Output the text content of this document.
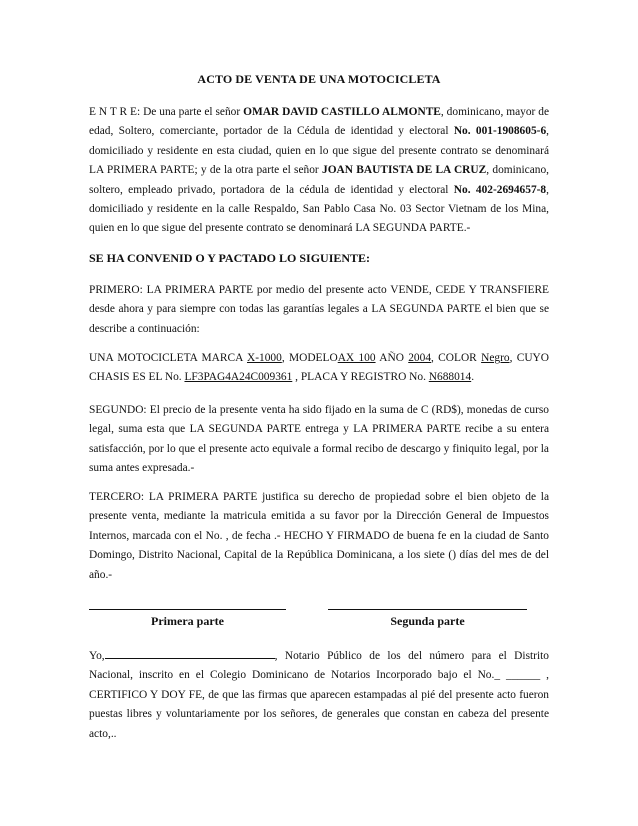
ACTO DE VENTA DE UNA MOTOCICLETA
E N T R E: De una parte el señor OMAR DAVID CASTILLO ALMONTE, dominicano, mayor de edad, Soltero, comerciante, portador de la Cédula de identidad y electoral No. 001-1908605-6, domiciliado y residente en esta ciudad, quien en lo que sigue del presente contrato se denominará LA PRIMERA PARTE; y de la otra parte el señor JOAN BAUTISTA DE LA CRUZ, dominicano, soltero, empleado privado, portadora de la cédula de identidad y electoral No. 402-2694657-8, domiciliado y residente en la calle Respaldo, San Pablo Casa No. 03 Sector Vietnam de los Mina, quien en lo que sigue del presente contrato se denominará LA SEGUNDA PARTE.-
SE HA CONVENID O Y PACTADO LO SIGUIENTE:
PRIMERO: LA PRIMERA PARTE por medio del presente acto VENDE, CEDE Y TRANSFIERE desde ahora y para siempre con todas las garantías legales a LA SEGUNDA PARTE el bien que se describe a continuación:
UNA MOTOCICLETA MARCA X-1000, MODELOAX 100 AÑO 2004, COLOR Negro, CUYO CHASIS ES EL No. LF3PAG4A24C009361 , PLACA Y REGISTRO No. N688014.
SEGUNDO: El precio de la presente venta ha sido fijado en la suma de C (RD$), monedas de curso legal, suma esta que LA SEGUNDA PARTE entrega y LA PRIMERA PARTE recibe a su entera satisfacción, por lo que el presente acto equivale a formal recibo de descargo y finiquito legal, por la suma antes expresada.-
TERCERO: LA PRIMERA PARTE justifica su derecho de propiedad sobre el bien objeto de la presente venta, mediante la matricula emitida a su favor por la Dirección General de Impuestos Internos, marcada con el No. , de fecha .- HECHO Y FIRMADO de buena fe en la ciudad de Santo Domingo, Distrito Nacional, Capital de la República Dominicana, a los siete () días del mes de del año.-
Primera parte	Segunda parte
Yo,	, Notario Público de los del número para el Distrito Nacional, inscrito en el Colegio Dominicano de Notarios Incorporado bajo el No._ ______ , CERTIFICO Y DOY FE, de que las firmas que aparecen estampadas al pié del presente acto fueron puestas libres y voluntariamente por los señores, de generales que constan en cabeza del presente acto,..
